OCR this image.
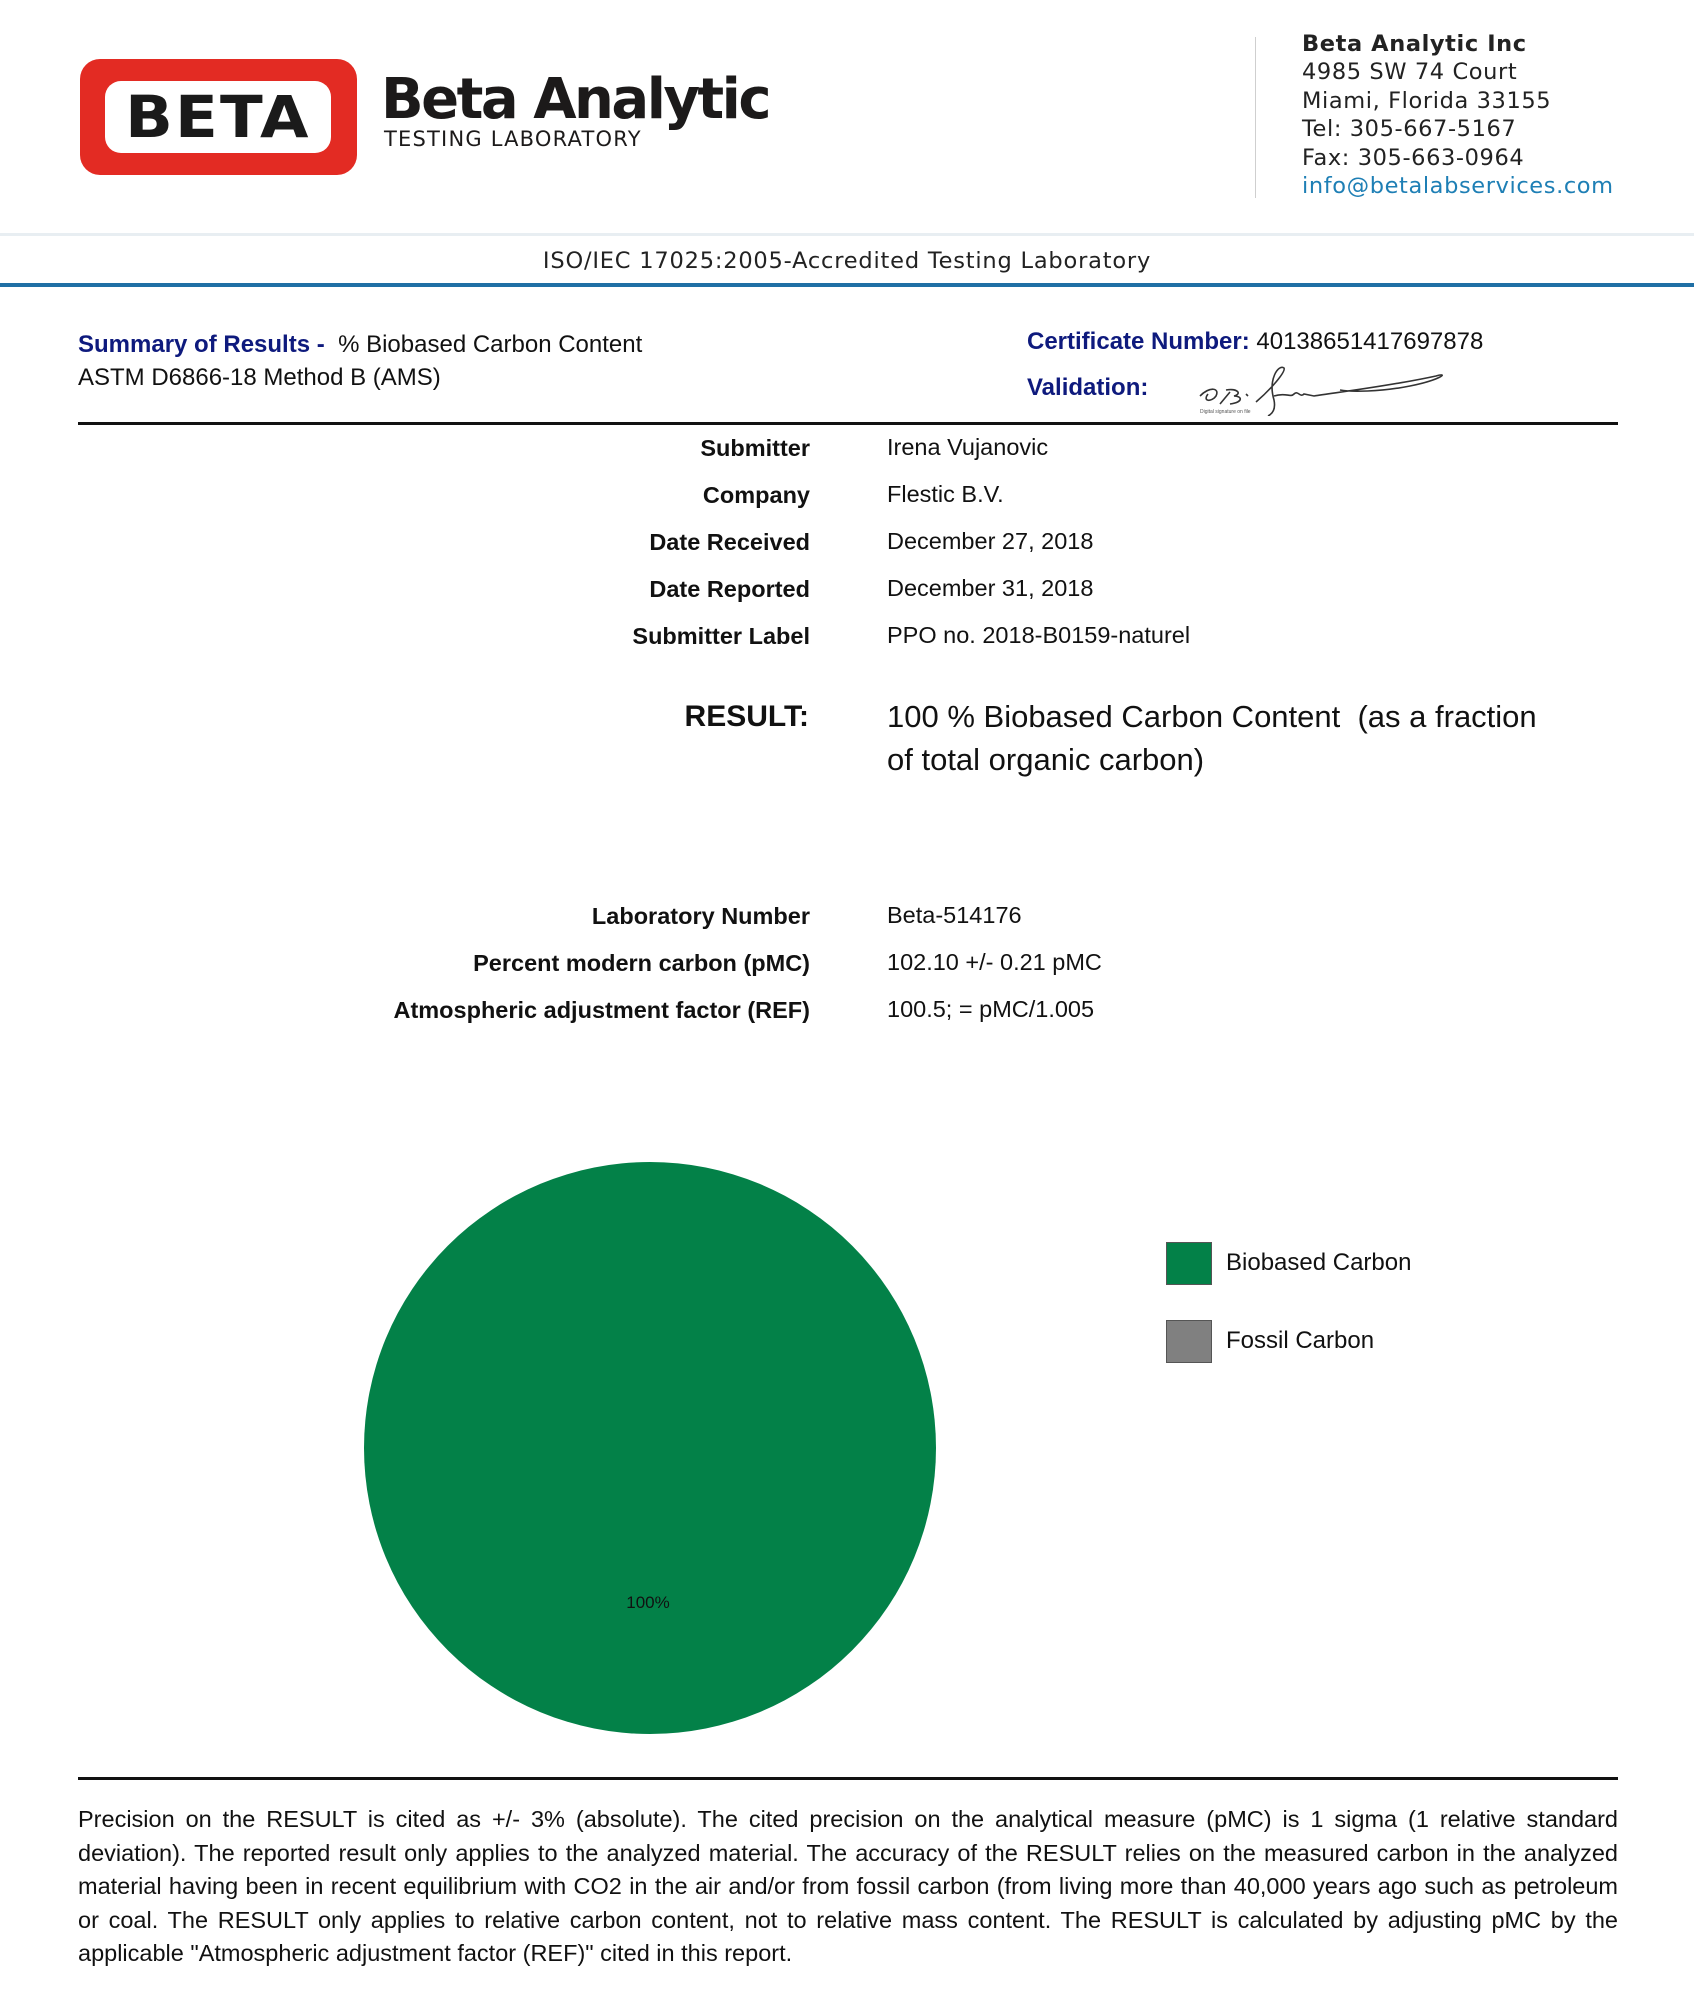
BETA Beta Analytic
TESTING LABORATORY
Beta Analytic Inc
4985 SW 74 Court
Miami, Florida 33155
Tel: 305-667-5167
Fax: 305-663-0964
info@betalabservices.com
ISO/IEC 17025:2005-Accredited Testing Laboratory
Summary of Results - % Biobased Carbon Content
ASTM D6866-18 Method B (AMS)
Certificate Number: 40138651417697878
Validation:
Digital signature on file
Submitter	Irena Vujanovic
Company	Flestic B.V.
Date Received	December 27, 2018
Date Reported	December 31, 2018
Submitter Label	PPO no. 2018-B0159-naturel
RESULT:	100 % Biobased Carbon Content  (as a fraction
of total organic carbon)
Laboratory Number	Beta-514176
Percent modern carbon (pMC)	102.10 +/- 0.21 pMC
Atmospheric adjustment factor (REF)	100.5; = pMC/1.005
100%
Biobased Carbon
Fossil Carbon
Precision on the RESULT is cited as +/- 3% (absolute). The cited precision on the analytical measure (pMC) is 1 sigma (1 relative standard deviation). The reported result only applies to the analyzed material. The accuracy of the RESULT relies on the measured carbon in the analyzed material having been in recent equilibrium with CO2 in the air and/or from fossil carbon (from living more than 40,000 years ago such as petroleum or coal. The RESULT only applies to relative carbon content, not to relative mass content. The RESULT is calculated by adjusting pMC by the applicable "Atmospheric adjustment factor (REF)" cited in this report.
